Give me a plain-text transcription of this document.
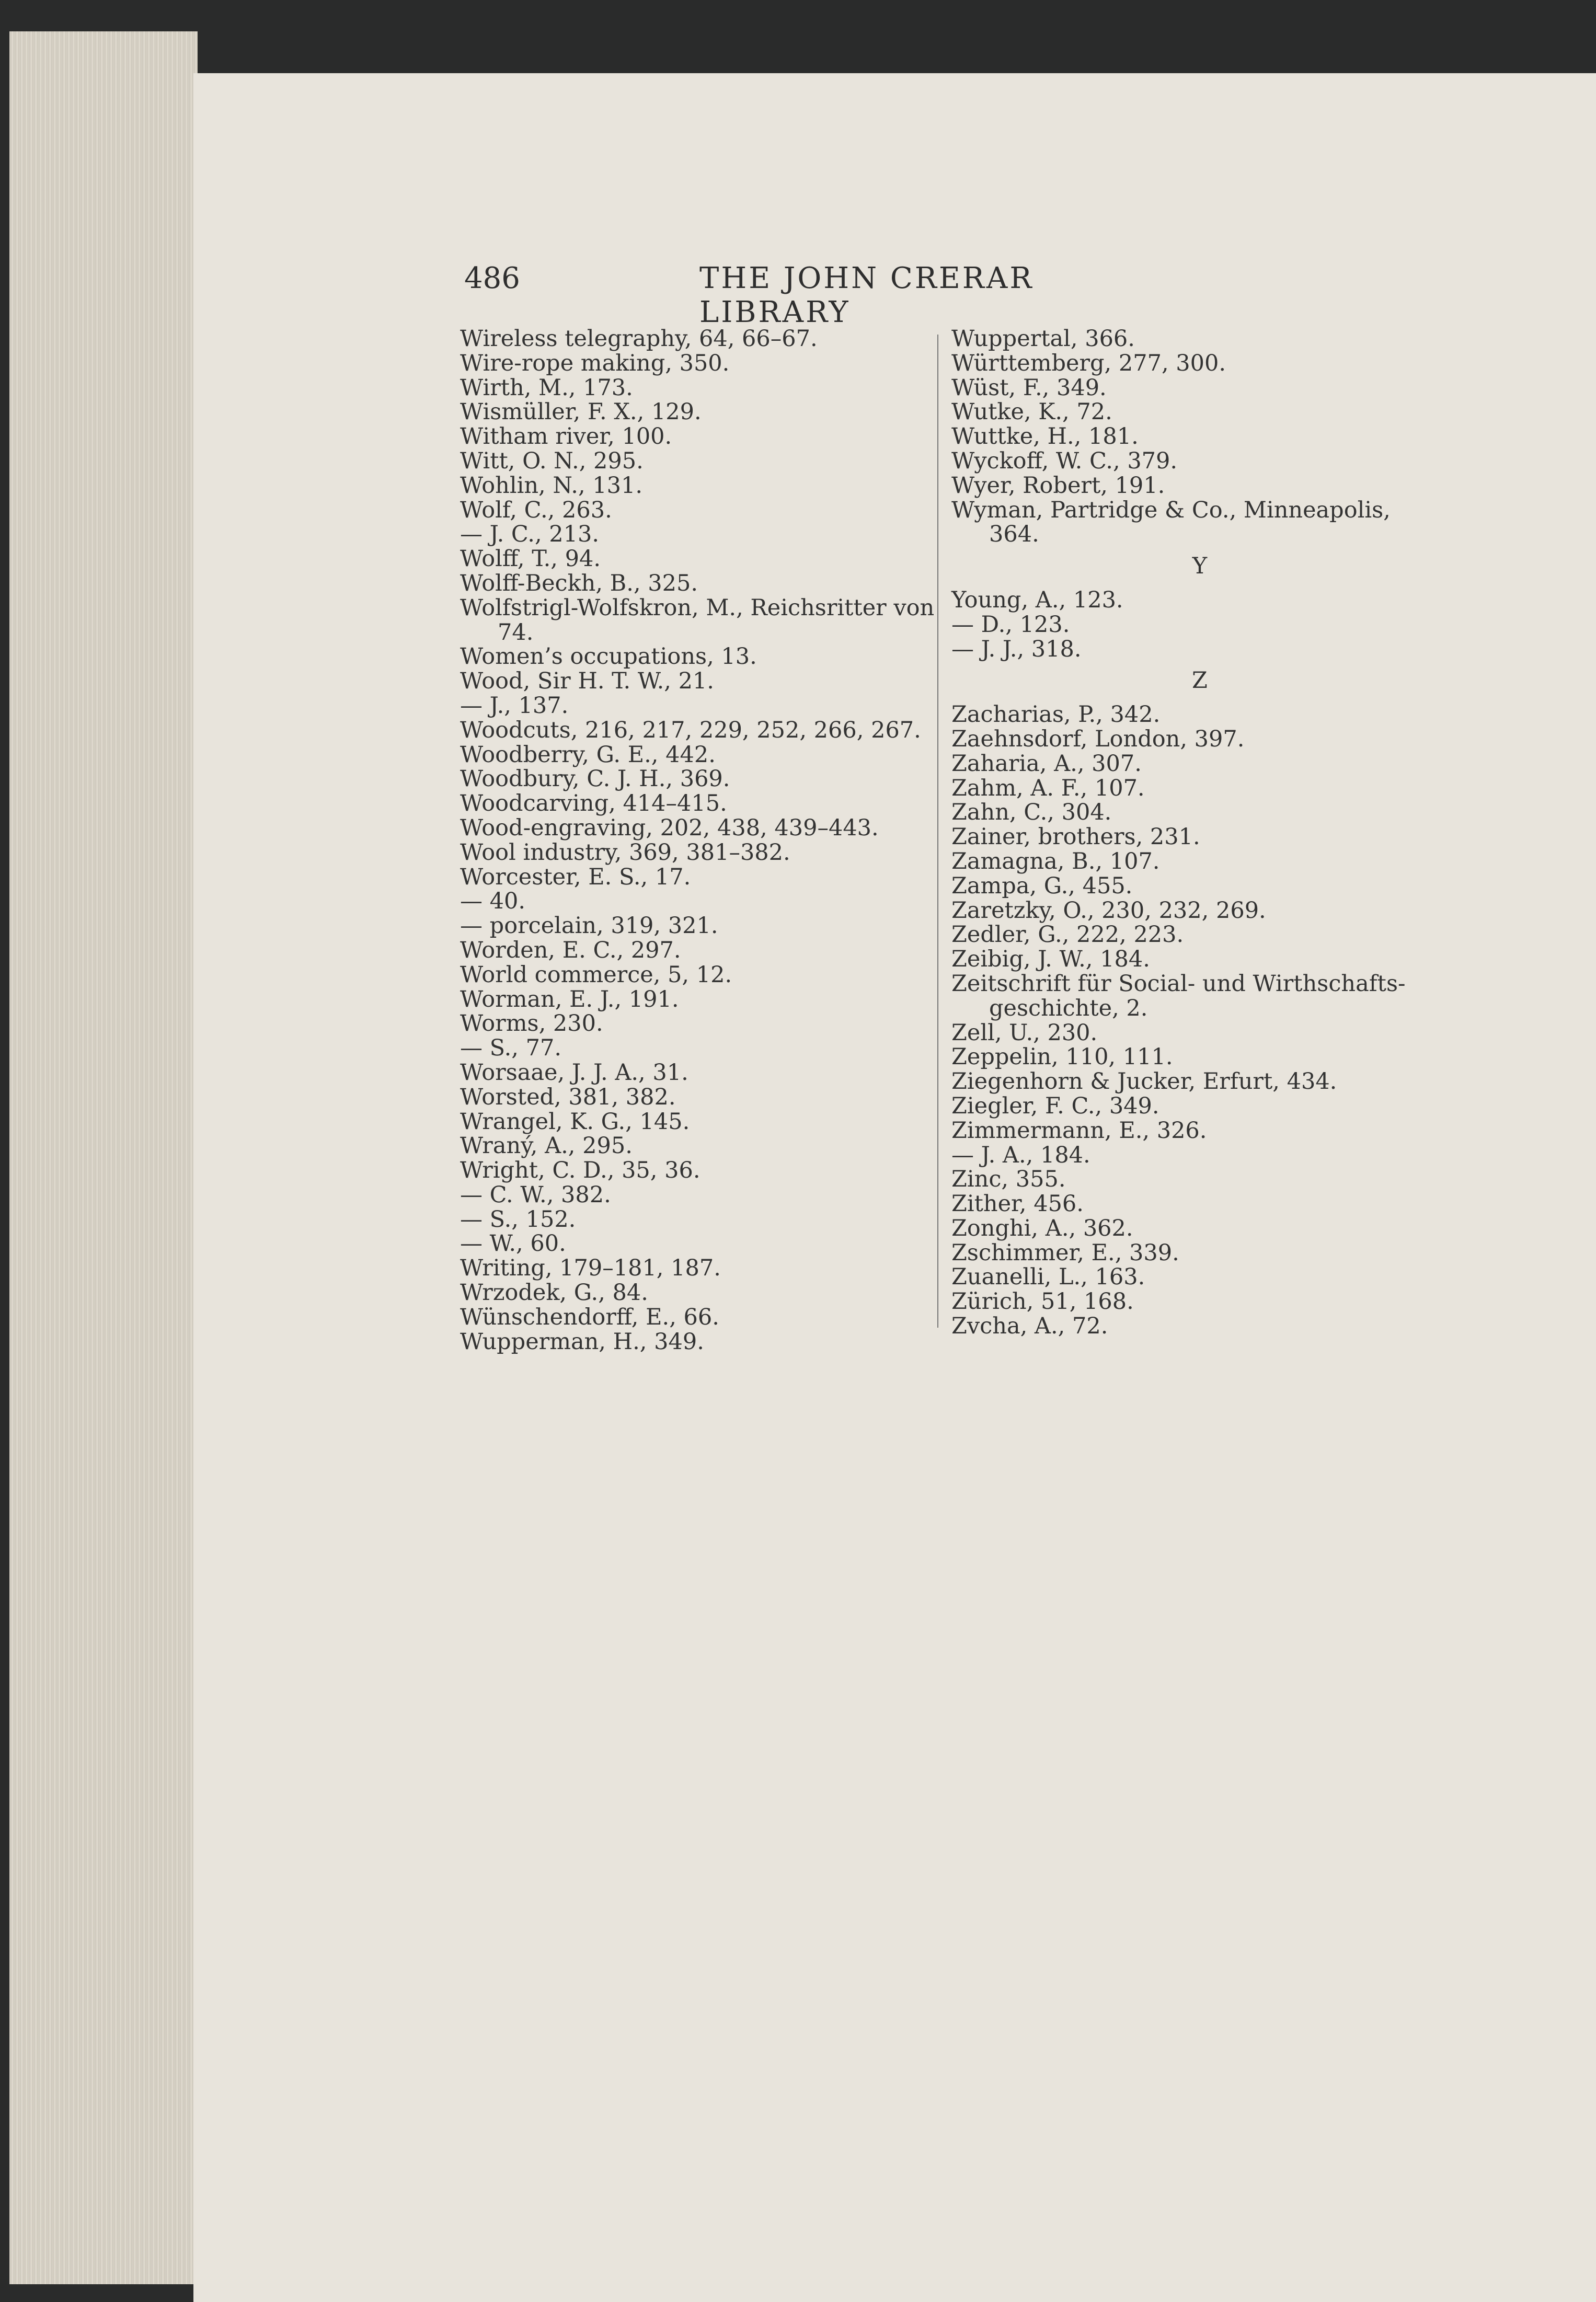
486	THE JOHN CRERAR LIBRARY
Wireless telegraphy, 64, 66–67.
Wire-rope making, 350.
Wirth, M., 173.
Wismüller, F. X., 129.
Witham river, 100.
Witt, O. N., 295.
Wohlin, N., 131.
Wolf, C., 263.
— J. C., 213.
Wolff, T., 94.
Wolff-Beckh, B., 325.
Wolfstrigl-Wolfskron, M., Reichsritter von
74.
Women’s occupations, 13.
Wood, Sir H. T. W., 21.
— J., 137.
Woodcuts, 216, 217, 229, 252, 266, 267.
Woodberry, G. E., 442.
Woodbury, C. J. H., 369.
Woodcarving, 414–415.
Wood-engraving, 202, 438, 439–443.
Wool industry, 369, 381–382.
Worcester, E. S., 17.
— 40.
— porcelain, 319, 321.
Worden, E. C., 297.
World commerce, 5, 12.
Worman, E. J., 191.
Worms, 230.
— S., 77.
Worsaae, J. J. A., 31.
Worsted, 381, 382.
Wrangel, K. G., 145.
Wraný, A., 295.
Wright, C. D., 35, 36.
— C. W., 382.
— S., 152.
— W., 60.
Writing, 179–181, 187.
Wrzodek, G., 84.
Wünschendorff, E., 66.
Wupperman, H., 349.
Wuppertal, 366.
Württemberg, 277, 300.
Wüst, F., 349.
Wutke, K., 72.
Wuttke, H., 181.
Wyckoff, W. C., 379.
Wyer, Robert, 191.
Wyman, Partridge & Co., Minneapolis,
364.
Y
Young, A., 123.
— D., 123.
— J. J., 318.
Z
Zacharias, P., 342.
Zaehnsdorf, London, 397.
Zaharia, A., 307.
Zahm, A. F., 107.
Zahn, C., 304.
Zainer, brothers, 231.
Zamagna, B., 107.
Zampa, G., 455.
Zaretzky, O., 230, 232, 269.
Zedler, G., 222, 223.
Zeibig, J. W., 184.
Zeitschrift für Social- und Wirthschafts-
geschichte, 2.
Zell, U., 230.
Zeppelin, 110, 111.
Ziegenhorn & Jucker, Erfurt, 434.
Ziegler, F. C., 349.
Zimmermann, E., 326.
— J. A., 184.
Zinc, 355.
Zither, 456.
Zonghi, A., 362.
Zschimmer, E., 339.
Zuanelli, L., 163.
Zürich, 51, 168.
Zvcha, A., 72.
